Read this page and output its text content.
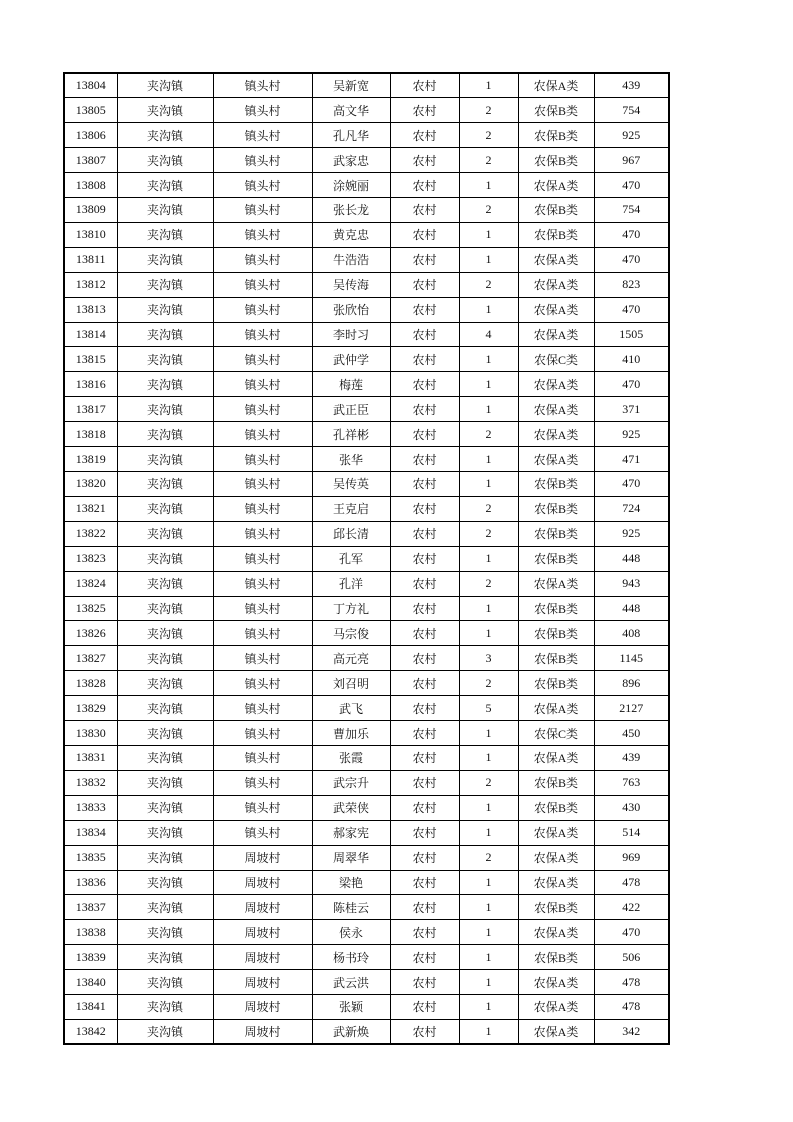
13804	夹沟镇	镇头村	吴新宽	农村	1	农保A类	439
13805	夹沟镇	镇头村	高文华	农村	2	农保B类	754
13806	夹沟镇	镇头村	孔凡华	农村	2	农保B类	925
13807	夹沟镇	镇头村	武家忠	农村	2	农保B类	967
13808	夹沟镇	镇头村	涂婉丽	农村	1	农保A类	470
13809	夹沟镇	镇头村	张长龙	农村	2	农保B类	754
13810	夹沟镇	镇头村	黄克忠	农村	1	农保B类	470
13811	夹沟镇	镇头村	牛浩浩	农村	1	农保A类	470
13812	夹沟镇	镇头村	吴传海	农村	2	农保A类	823
13813	夹沟镇	镇头村	张欣怡	农村	1	农保A类	470
13814	夹沟镇	镇头村	李时习	农村	4	农保A类	1505
13815	夹沟镇	镇头村	武仲学	农村	1	农保C类	410
13816	夹沟镇	镇头村	梅莲	农村	1	农保A类	470
13817	夹沟镇	镇头村	武正臣	农村	1	农保A类	371
13818	夹沟镇	镇头村	孔祥彬	农村	2	农保A类	925
13819	夹沟镇	镇头村	张华	农村	1	农保A类	471
13820	夹沟镇	镇头村	吴传英	农村	1	农保B类	470
13821	夹沟镇	镇头村	王克启	农村	2	农保B类	724
13822	夹沟镇	镇头村	邱长清	农村	2	农保B类	925
13823	夹沟镇	镇头村	孔军	农村	1	农保B类	448
13824	夹沟镇	镇头村	孔洋	农村	2	农保A类	943
13825	夹沟镇	镇头村	丁方礼	农村	1	农保B类	448
13826	夹沟镇	镇头村	马宗俊	农村	1	农保B类	408
13827	夹沟镇	镇头村	高元亮	农村	3	农保B类	1145
13828	夹沟镇	镇头村	刘召明	农村	2	农保B类	896
13829	夹沟镇	镇头村	武飞	农村	5	农保A类	2127
13830	夹沟镇	镇头村	曹加乐	农村	1	农保C类	450
13831	夹沟镇	镇头村	张霞	农村	1	农保A类	439
13832	夹沟镇	镇头村	武宗升	农村	2	农保B类	763
13833	夹沟镇	镇头村	武荣侠	农村	1	农保B类	430
13834	夹沟镇	镇头村	郝家宪	农村	1	农保A类	514
13835	夹沟镇	周坡村	周翠华	农村	2	农保A类	969
13836	夹沟镇	周坡村	梁艳	农村	1	农保A类	478
13837	夹沟镇	周坡村	陈桂云	农村	1	农保B类	422
13838	夹沟镇	周坡村	侯永	农村	1	农保A类	470
13839	夹沟镇	周坡村	杨书玲	农村	1	农保B类	506
13840	夹沟镇	周坡村	武云洪	农村	1	农保A类	478
13841	夹沟镇	周坡村	张颖	农村	1	农保A类	478
13842	夹沟镇	周坡村	武新焕	农村	1	农保A类	342
